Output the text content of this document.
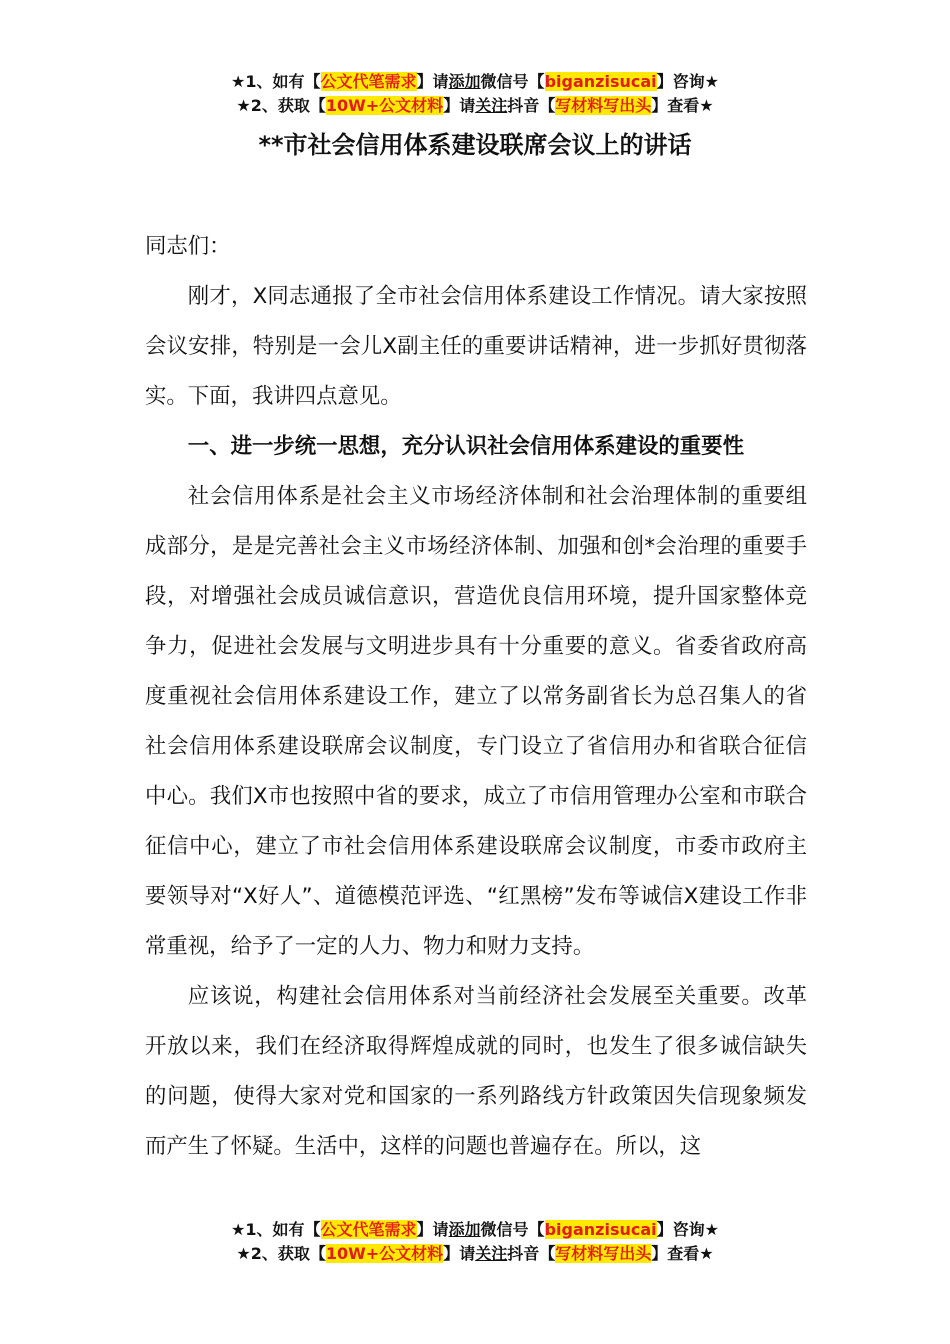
★1、如有【公文代笔需求】请添加微信号【biganzisucai】咨询★
★2、获取【10W+公文材料】请关注抖音【写材料写出头】查看★
**市社会信用体系建设联席会议上的讲话

同志们：

刚才，X同志通报了全市社会信用体系建设工作情况。请大家按照会议安排，特别是一会儿X副主任的重要讲话精神，进一步抓好贯彻落实。下面，我讲四点意见。

一、进一步统一思想，充分认识社会信用体系建设的重要性

社会信用体系是社会主义市场经济体制和社会治理体制的重要组成部分，是是完善社会主义市场经济体制、加强和创*会治理的重要手段，对增强社会成员诚信意识，营造优良信用环境，提升国家整体竞争力，促进社会发展与文明进步具有十分重要的意义。省委省政府高度重视社会信用体系建设工作，建立了以常务副省长为总召集人的省社会信用体系建设联席会议制度，专门设立了省信用办和省联合征信中心。我们X市也按照中省的要求，成立了市信用管理办公室和市联合征信中心，建立了市社会信用体系建设联席会议制度，市委市政府主要领导对“X好人”、道德模范评选、“红黑榜”发布等诚信X建设工作非常重视，给予了一定的人力、物力和财力支持。

应该说，构建社会信用体系对当前经济社会发展至关重要。改革开放以来，我们在经济取得辉煌成就的同时，也发生了很多诚信缺失的问题，使得大家对党和国家的一系列路线方针政策因失信现象频发而产生了怀疑。生活中，这样的问题也普遍存在。所以，这

★1、如有【公文代笔需求】请添加微信号【biganzisucai】咨询★
★2、获取【10W+公文材料】请关注抖音【写材料写出头】查看★
